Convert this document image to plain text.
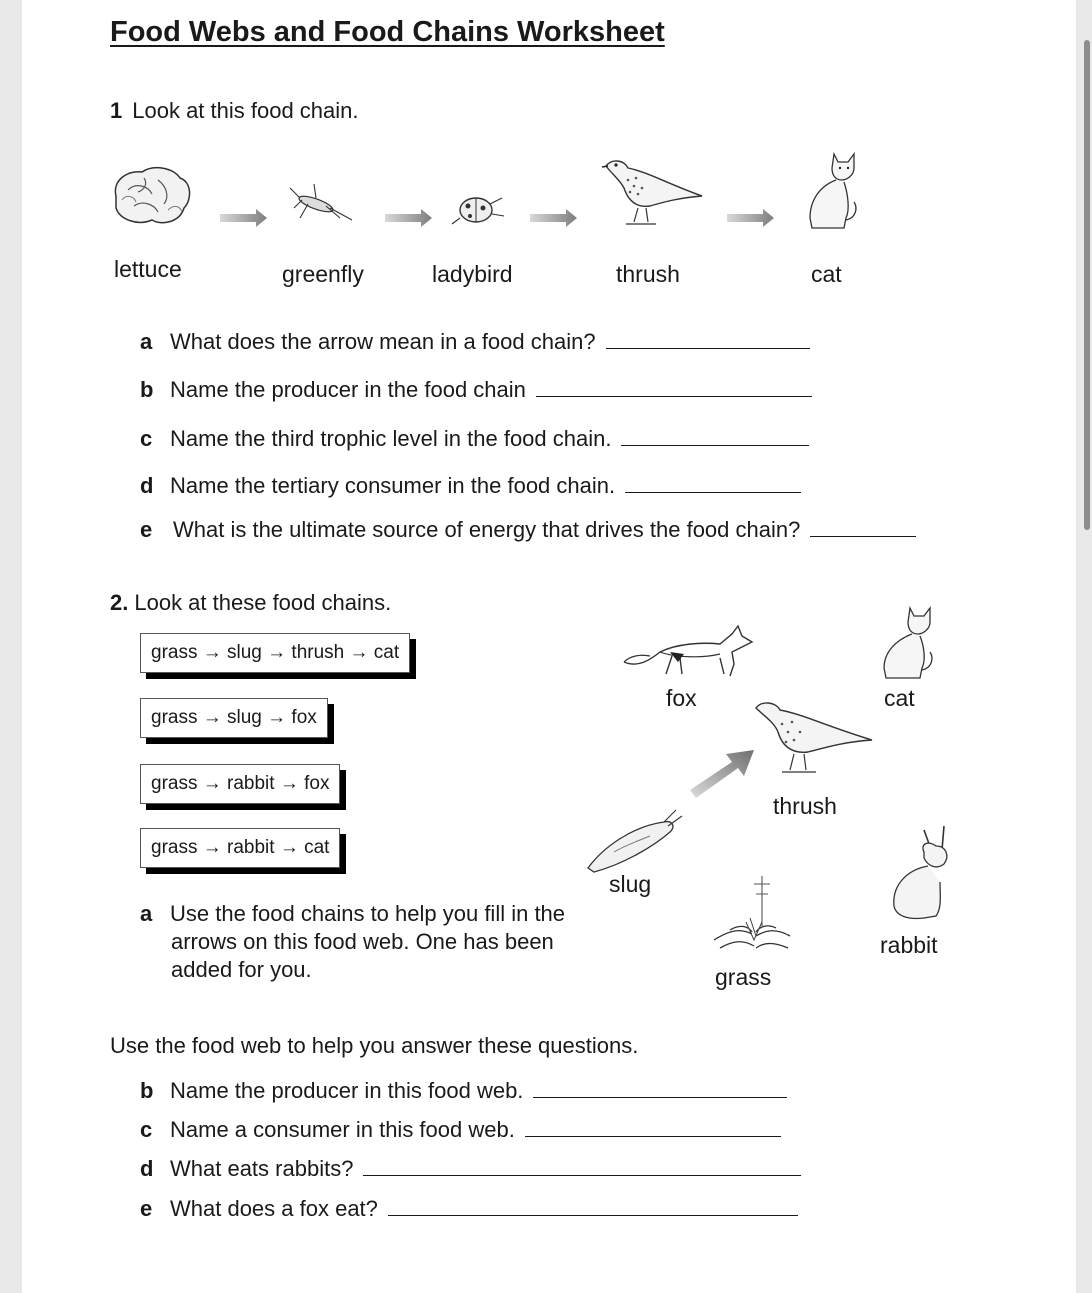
Food Webs and Food Chains Worksheet
1 Look at this food chain.
lettuce	greenfly	ladybird	thrush	cat
a What does the arrow mean in a food chain?
b Name the producer in the food chain
c Name the third trophic level in the food chain.
d Name the tertiary consumer in the food chain.
e What is the ultimate source of energy that drives the food chain?
2. Look at these food chains.
grass → slug → thrush → cat
grass → slug → fox
grass → rabbit → fox
grass → rabbit → cat
fox	cat
thrush
slug
rabbit
grass
a Use the food chains to help you fill in the
arrows on this food web. One has been
added for you.
Use the food web to help you answer these questions.
b Name the producer in this food web.
c Name a consumer in this food web.
d What eats rabbits?
e What does a fox eat?
